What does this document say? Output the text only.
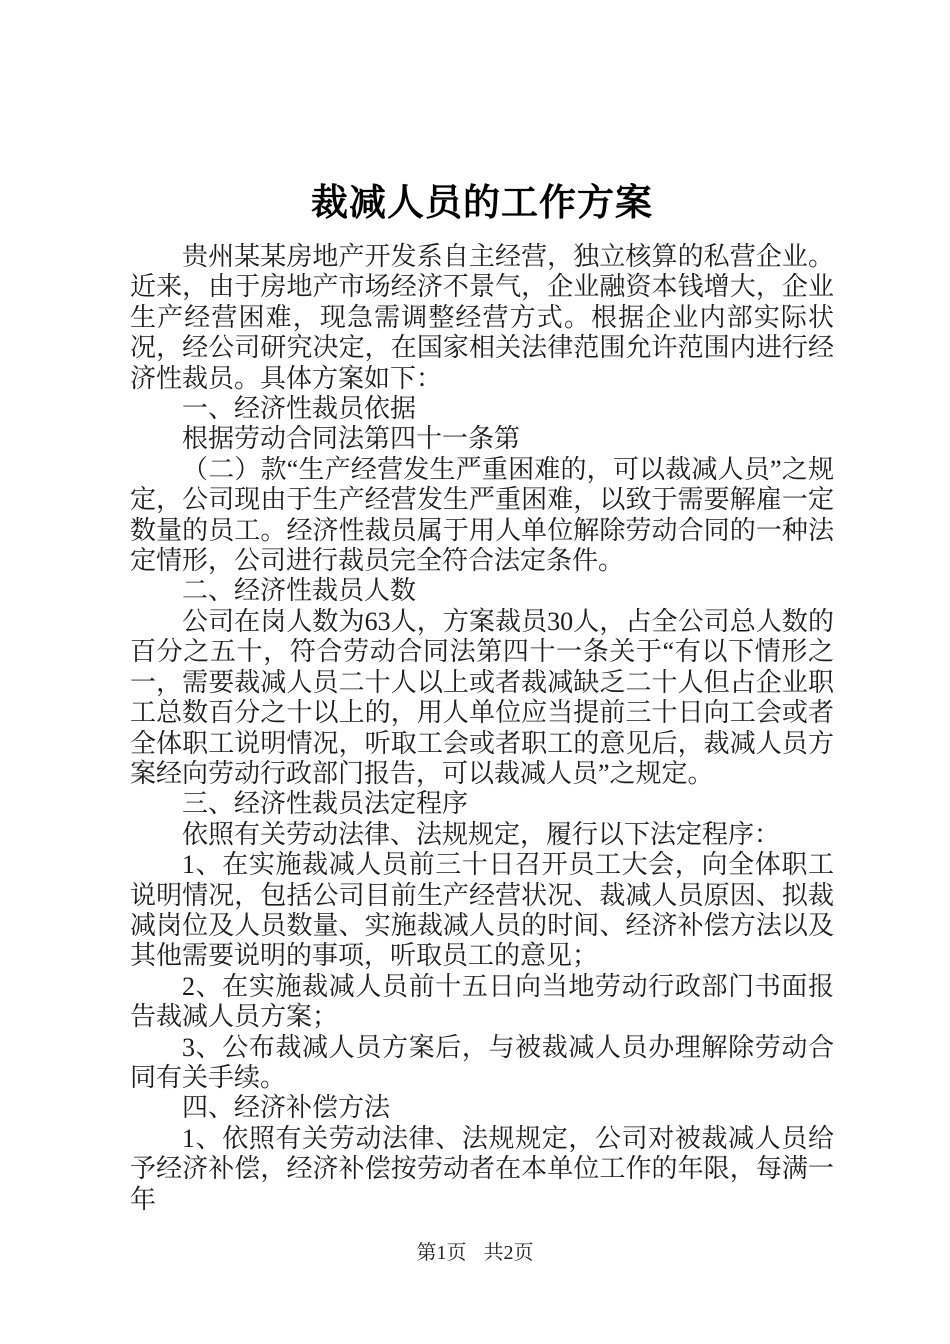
裁减人员的工作方案

贵州某某房地产开发系自主经营，独立核算的私营企业。近来，由于房地产市场经济不景气，企业融资本钱增大，企业生产经营困难，现急需调整经营方式。根据企业内部实际状况，经公司研究决定，在国家相关法律范围允许范围内进行经济性裁员。具体方案如下：

一、经济性裁员依据

根据劳动合同法第四十一条第

（二）款“生产经营发生严重困难的，可以裁减人员”之规定，公司现由于生产经营发生严重困难，以致于需要解雇一定数量的员工。经济性裁员属于用人单位解除劳动合同的一种法定情形，公司进行裁员完全符合法定条件。

二、经济性裁员人数

公司在岗人数为63人，方案裁员30人，占全公司总人数的百分之五十，符合劳动合同法第四十一条关于“有以下情形之一，需要裁减人员二十人以上或者裁减缺乏二十人但占企业职工总数百分之十以上的，用人单位应当提前三十日向工会或者全体职工说明情况，听取工会或者职工的意见后，裁减人员方案经向劳动行政部门报告，可以裁减人员”之规定。

三、经济性裁员法定程序

依照有关劳动法律、法规规定，履行以下法定程序：

1、在实施裁减人员前三十日召开员工大会，向全体职工说明情况，包括公司目前生产经营状况、裁减人员原因、拟裁减岗位及人员数量、实施裁减人员的时间、经济补偿方法以及其他需要说明的事项，听取员工的意见；

2、在实施裁减人员前十五日向当地劳动行政部门书面报告裁减人员方案；

3、公布裁减人员方案后，与被裁减人员办理解除劳动合同有关手续。

四、经济补偿方法

1、依照有关劳动法律、法规规定，公司对被裁减人员给予经济补偿，经济补偿按劳动者在本单位工作的年限，每满一年

第1页 共2页
